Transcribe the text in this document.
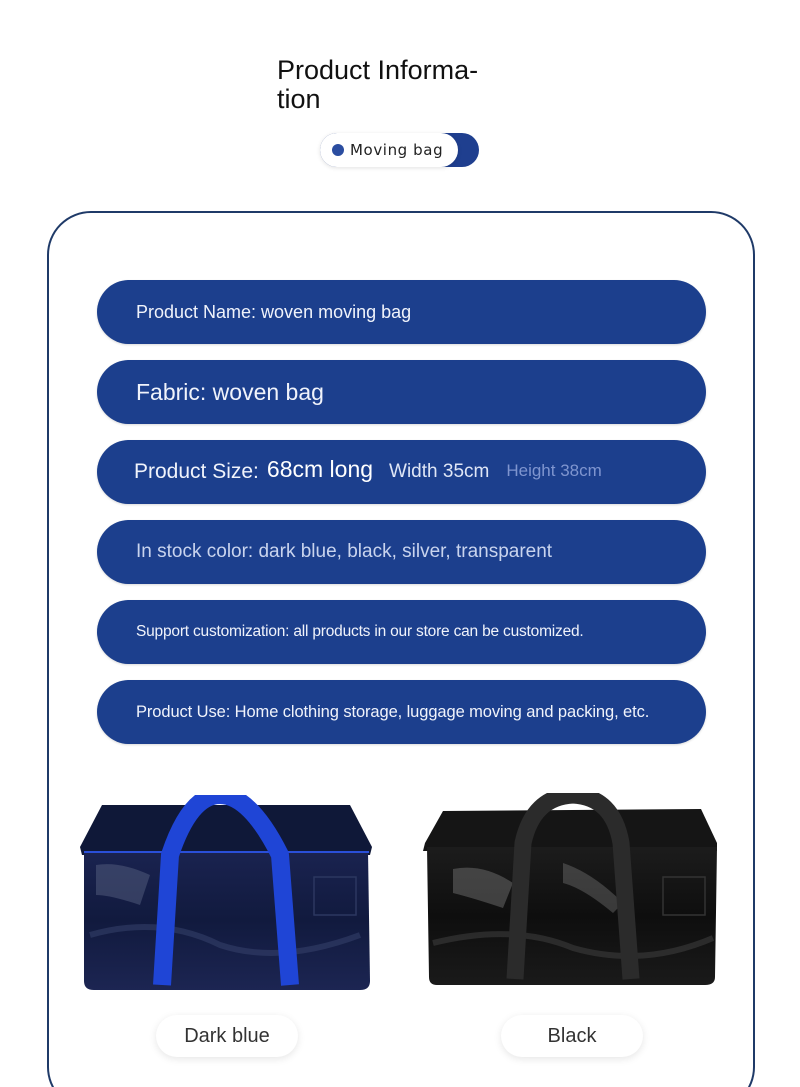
Product Informa-
tion
Moving bag
Product Name: woven moving bag
Fabric: woven bag
Product Size: 68cm long Width 35cm Height 38cm
In stock color: dark blue, black, silver, transparent
Support customization: all products in our store can be customized.
Product Use: Home clothing storage, luggage moving and packing, etc.
Dark blue	Black
